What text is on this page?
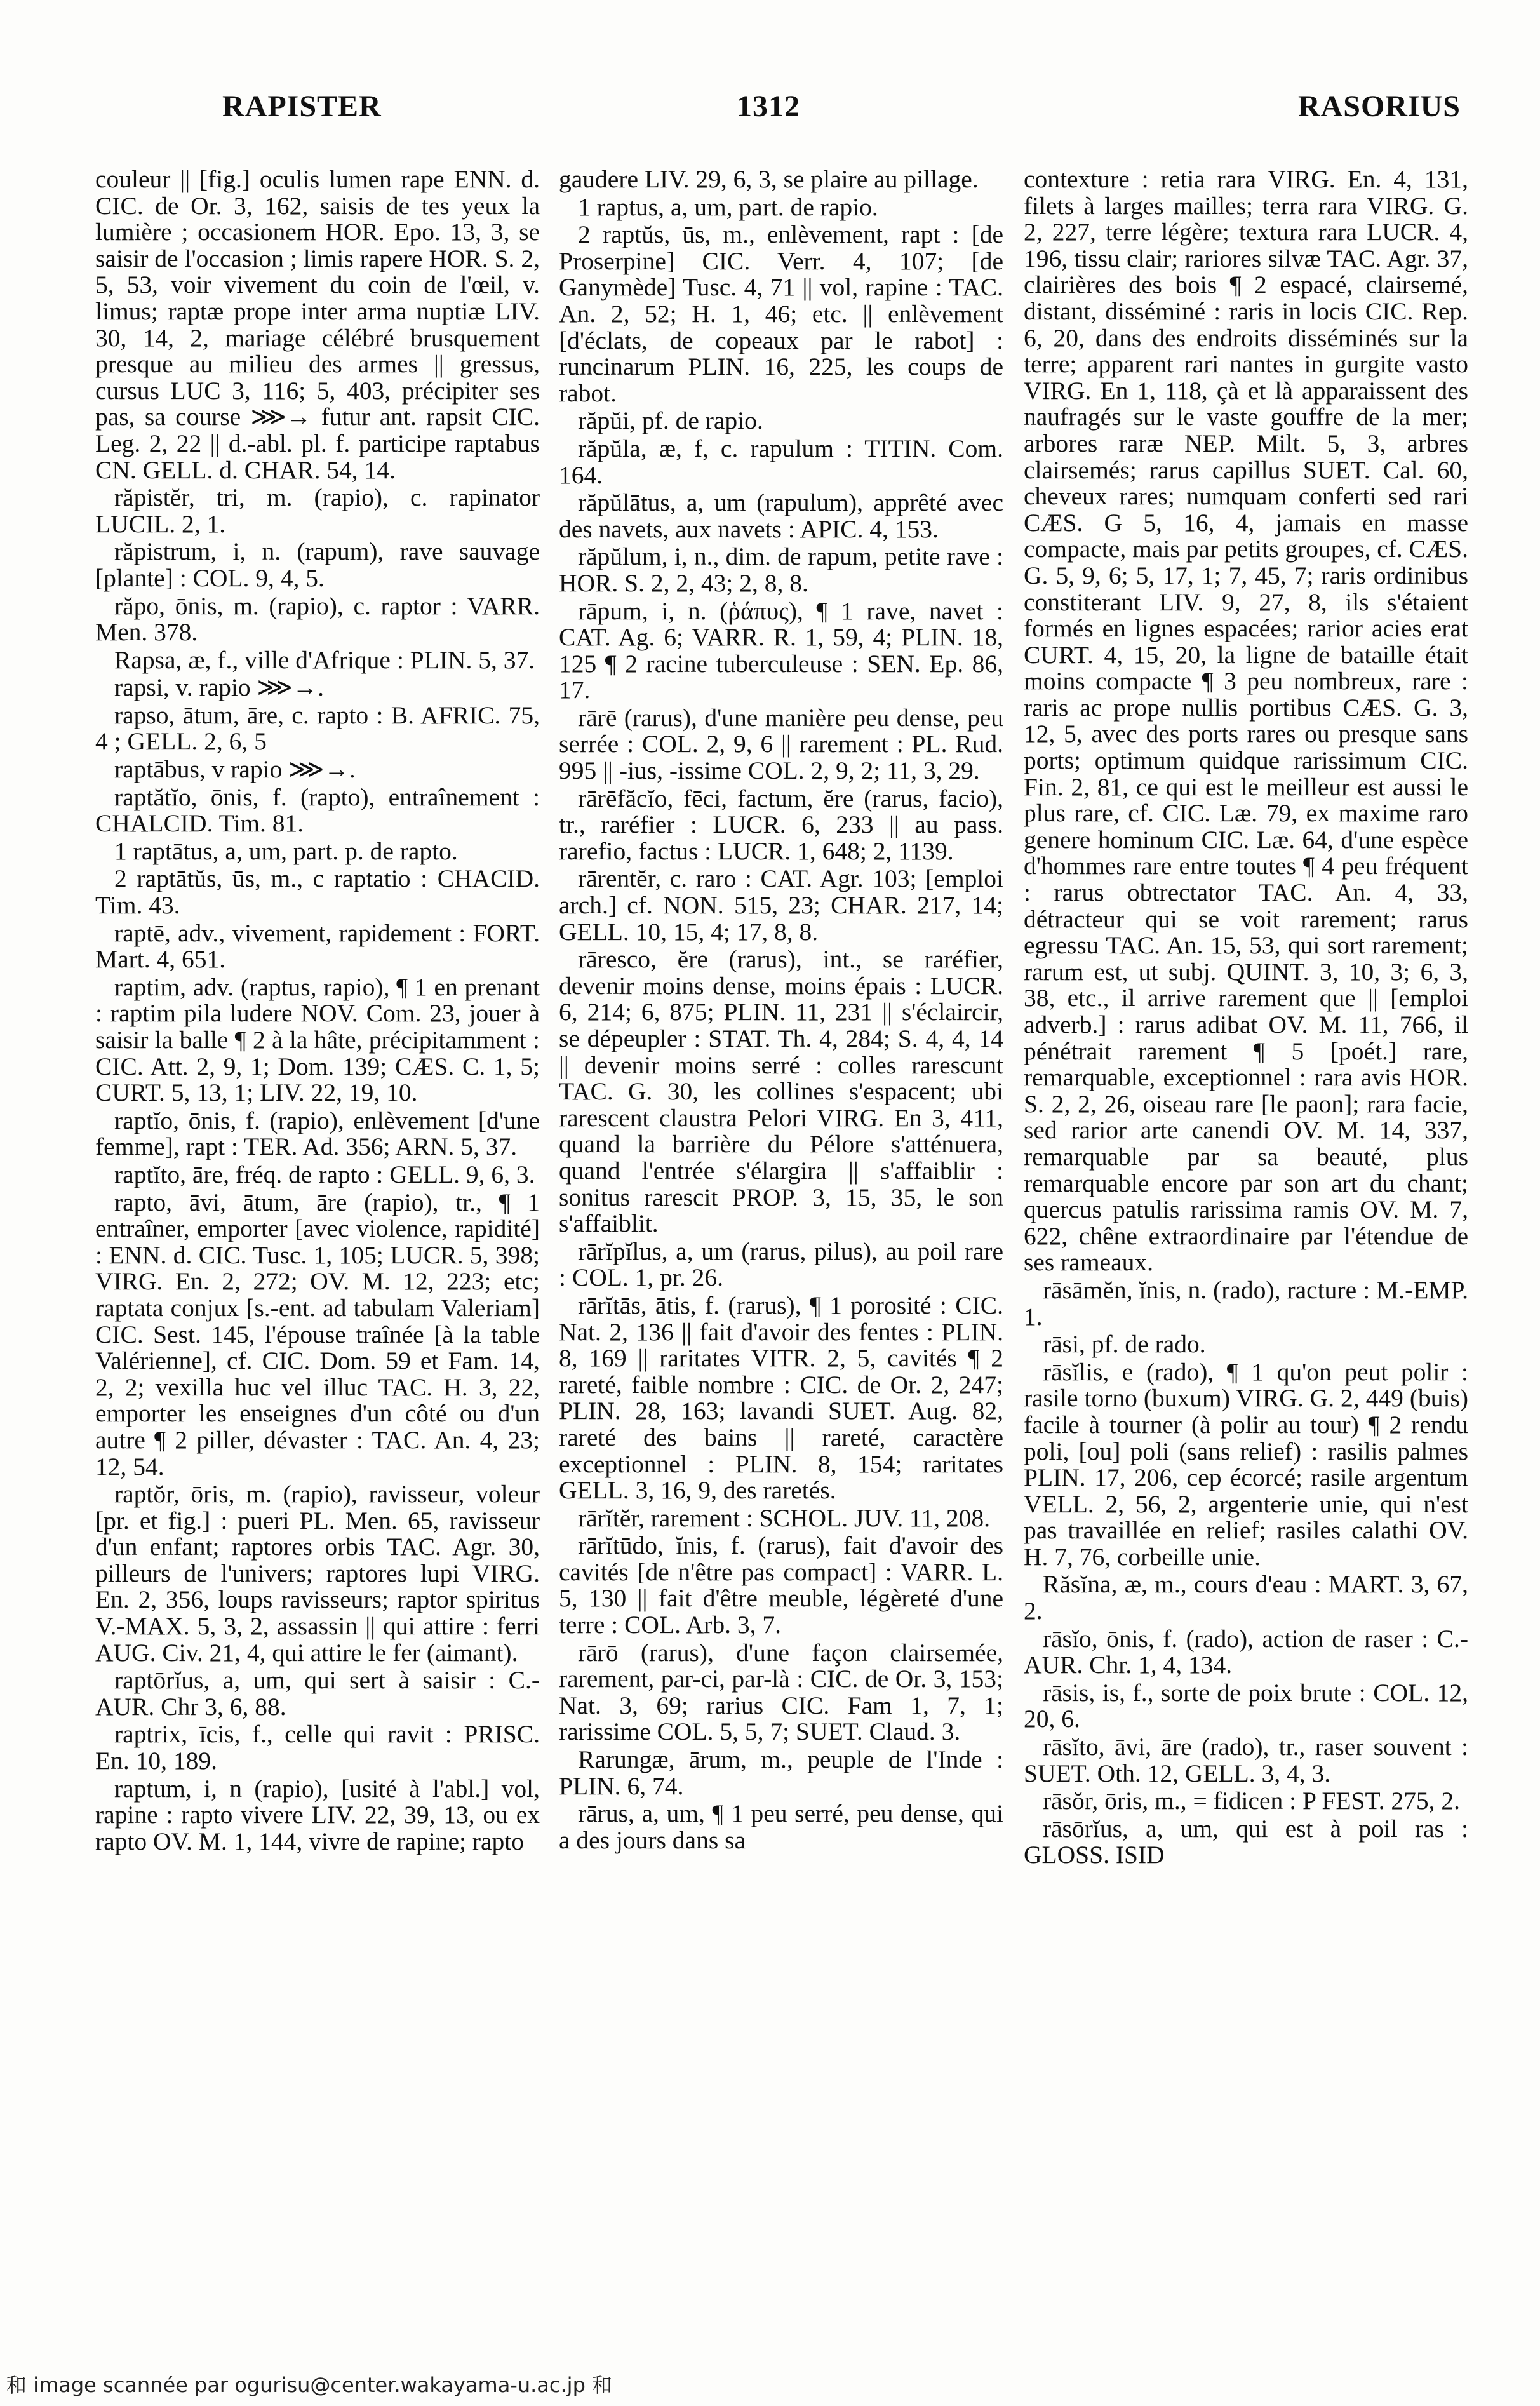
RAPISTER	1312	RASORIUS

couleur || [fig.] oculis lumen rape ENN. d. CIC. de Or. 3, 162, saisis de tes yeux la lumière ; occasionem HOR. Epo. 13, 3, se saisir de l'occasion ; limis rapere HOR. S. 2, 5, 53, voir vivement du coin de l'œil, v. limus; raptæ prope inter arma nuptiæ LIV. 30, 14, 2, mariage célébré brusquement presque au milieu des armes || gressus, cursus LUC 3, 116; 5, 403, précipiter ses pas, sa course ⋙→ futur ant. rapsit CIC. Leg. 2, 22 || d.-abl. pl. f. participe raptabus CN. GELL. d. CHAR. 54, 14.

răpistĕr, tri, m. (rapio), c. rapinator LUCIL. 2, 1.

răpistrum, i, n. (rapum), rave sauvage [plante] : COL. 9, 4, 5.

răpo, ōnis, m. (rapio), c. raptor : VARR. Men. 378.

Rapsa, æ, f., ville d'Afrique : PLIN. 5, 37.

rapsi, v. rapio ⋙→.

rapso, ātum, āre, c. rapto : B. AFRIC. 75, 4 ; GELL. 2, 6, 5

raptābus, v rapio ⋙→.

raptătĭo, ōnis, f. (rapto), entraînement : CHALCID. Tim. 81.

1 raptātus, a, um, part. p. de rapto.

2 raptātŭs, ūs, m., c raptatio : CHACID. Tim. 43.

raptē, adv., vivement, rapidement : FORT. Mart. 4, 651.

raptim, adv. (raptus, rapio), ¶ 1 en prenant : raptim pila ludere NOV. Com. 23, jouer à saisir la balle ¶ 2 à la hâte, précipitamment : CIC. Att. 2, 9, 1; Dom. 139; CÆS. C. 1, 5; CURT. 5, 13, 1; LIV. 22, 19, 10.

raptĭo, ōnis, f. (rapio), enlèvement [d'une femme], rapt : TER. Ad. 356; ARN. 5, 37.

raptĭto, āre, fréq. de rapto : GELL. 9, 6, 3.

rapto, āvi, ātum, āre (rapio), tr., ¶ 1 entraîner, emporter [avec violence, rapidité] : ENN. d. CIC. Tusc. 1, 105; LUCR. 5, 398; VIRG. En. 2, 272; OV. M. 12, 223; etc; raptata conjux [s.-ent. ad tabulam Valeriam] CIC. Sest. 145, l'épouse traînée [à la table Valérienne], cf. CIC. Dom. 59 et Fam. 14, 2, 2; vexilla huc vel illuc TAC. H. 3, 22, emporter les enseignes d'un côté ou d'un autre ¶ 2 piller, dévaster : TAC. An. 4, 23; 12, 54.

raptŏr, ōris, m. (rapio), ravisseur, voleur [pr. et fig.] : pueri PL. Men. 65, ravisseur d'un enfant; raptores orbis TAC. Agr. 30, pilleurs de l'univers; raptores lupi VIRG. En. 2, 356, loups ravisseurs; raptor spiritus V.-MAX. 5, 3, 2, assassin || qui attire : ferri AUG. Civ. 21, 4, qui attire le fer (aimant).

raptōrĭus, a, um, qui sert à saisir : C.-AUR. Chr 3, 6, 88.

raptrix, īcis, f., celle qui ravit : PRISC. En. 10, 189.

raptum, i, n (rapio), [usité à l'abl.] vol, rapine : rapto vivere LIV. 22, 39, 13, ou ex rapto OV. M. 1, 144, vivre de rapine; rapto

gaudere LIV. 29, 6, 3, se plaire au pillage.

1 raptus, a, um, part. de rapio.

2 raptŭs, ūs, m., enlèvement, rapt : [de Proserpine] CIC. Verr. 4, 107; [de Ganymède] Tusc. 4, 71 || vol, rapine : TAC. An. 2, 52; H. 1, 46; etc. || enlèvement [d'éclats, de copeaux par le rabot] : runcinarum PLIN. 16, 225, les coups de rabot.

răpŭi, pf. de rapio.

răpŭla, æ, f, c. rapulum : TITIN. Com. 164.

răpŭlātus, a, um (rapulum), apprêté avec des navets, aux navets : APIC. 4, 153.

răpŭlum, i, n., dim. de rapum, petite rave : HOR. S. 2, 2, 43; 2, 8, 8.

rāpum, i, n. (ῥάπυς), ¶ 1 rave, navet : CAT. Ag. 6; VARR. R. 1, 59, 4; PLIN. 18, 125 ¶ 2 racine tuberculeuse : SEN. Ep. 86, 17.

rārē (rarus), d'une manière peu dense, peu serrée : COL. 2, 9, 6 || rarement : PL. Rud. 995 || -ius, -issime COL. 2, 9, 2; 11, 3, 29.

rārēfăcĭo, fēci, factum, ĕre (rarus, facio), tr., raréfier : LUCR. 6, 233 || au pass. rarefio, factus : LUCR. 1, 648; 2, 1139.

rārentĕr, c. raro : CAT. Agr. 103; [emploi arch.] cf. NON. 515, 23; CHAR. 217, 14; GELL. 10, 15, 4; 17, 8, 8.

rāresco, ĕre (rarus), int., se raréfier, devenir moins dense, moins épais : LUCR. 6, 214; 6, 875; PLIN. 11, 231 || s'éclaircir, se dépeupler : STAT. Th. 4, 284; S. 4, 4, 14 || devenir moins serré : colles rarescunt TAC. G. 30, les collines s'espacent; ubi rarescent claustra Pelori VIRG. En 3, 411, quand la barrière du Pélore s'atténuera, quand l'entrée s'élargira || s'affaiblir : sonitus rarescit PROP. 3, 15, 35, le son s'affaiblit.

rārĭpĭlus, a, um (rarus, pilus), au poil rare : COL. 1, pr. 26.

rārĭtās, ātis, f. (rarus), ¶ 1 porosité : CIC. Nat. 2, 136 || fait d'avoir des fentes : PLIN. 8, 169 || raritates VITR. 2, 5, cavités ¶ 2 rareté, faible nombre : CIC. de Or. 2, 247; PLIN. 28, 163; lavandi SUET. Aug. 82, rareté des bains || rareté, caractère exceptionnel : PLIN. 8, 154; raritates GELL. 3, 16, 9, des raretés.

rārĭtĕr, rarement : SCHOL. JUV. 11, 208.

rārĭtūdo, ĭnis, f. (rarus), fait d'avoir des cavités [de n'être pas compact] : VARR. L. 5, 130 || fait d'être meuble, légèreté d'une terre : COL. Arb. 3, 7.

rārō (rarus), d'une façon clairsemée, rarement, par-ci, par-là : CIC. de Or. 3, 153; Nat. 3, 69; rarius CIC. Fam 1, 7, 1; rarissime COL. 5, 5, 7; SUET. Claud. 3.

Rarungæ, ārum, m., peuple de l'Inde : PLIN. 6, 74.

rārus, a, um, ¶ 1 peu serré, peu dense, qui a des jours dans sa

contexture : retia rara VIRG. En. 4, 131, filets à larges mailles; terra rara VIRG. G. 2, 227, terre légère; textura rara LUCR. 4, 196, tissu clair; rariores silvæ TAC. Agr. 37, clairières des bois ¶ 2 espacé, clairsemé, distant, disséminé : raris in locis CIC. Rep. 6, 20, dans des endroits disséminés sur la terre; apparent rari nantes in gurgite vasto VIRG. En 1, 118, çà et là apparaissent des naufragés sur le vaste gouffre de la mer; arbores raræ NEP. Milt. 5, 3, arbres clairsemés; rarus capillus SUET. Cal. 60, cheveux rares; numquam conferti sed rari CÆS. G 5, 16, 4, jamais en masse compacte, mais par petits groupes, cf. CÆS. G. 5, 9, 6; 5, 17, 1; 7, 45, 7; raris ordinibus constiterant LIV. 9, 27, 8, ils s'étaient formés en lignes espacées; rarior acies erat CURT. 4, 15, 20, la ligne de bataille était moins compacte ¶ 3 peu nombreux, rare : raris ac prope nullis portibus CÆS. G. 3, 12, 5, avec des ports rares ou presque sans ports; optimum quidque rarissimum CIC. Fin. 2, 81, ce qui est le meilleur est aussi le plus rare, cf. CIC. Læ. 79, ex maxime raro genere hominum CIC. Læ. 64, d'une espèce d'hommes rare entre toutes ¶ 4 peu fréquent : rarus obtrectator TAC. An. 4, 33, détracteur qui se voit rarement; rarus egressu TAC. An. 15, 53, qui sort rarement; rarum est, ut subj. QUINT. 3, 10, 3; 6, 3, 38, etc., il arrive rarement que || [emploi adverb.] : rarus adibat OV. M. 11, 766, il pénétrait rarement ¶ 5 [poét.] rare, remarquable, exceptionnel : rara avis HOR. S. 2, 2, 26, oiseau rare [le paon]; rara facie, sed rarior arte canendi OV. M. 14, 337, remarquable par sa beauté, plus remarquable encore par son art du chant; quercus patulis rarissima ramis OV. M. 7, 622, chêne extraordinaire par l'étendue de ses rameaux.

rāsāmĕn, ĭnis, n. (rado), racture : M.-EMP. 1.

rāsi, pf. de rado.

rāsĭlis, e (rado), ¶ 1 qu'on peut polir : rasile torno (buxum) VIRG. G. 2, 449 (buis) facile à tourner (à polir au tour) ¶ 2 rendu poli, [ou] poli (sans relief) : rasilis palmes PLIN. 17, 206, cep écorcé; rasile argentum VELL. 2, 56, 2, argenterie unie, qui n'est pas travaillée en relief; rasiles calathi OV. H. 7, 76, corbeille unie.

Răsĭna, æ, m., cours d'eau : MART. 3, 67, 2.

rāsĭo, ōnis, f. (rado), action de raser : C.-AUR. Chr. 1, 4, 134.

rāsis, is, f., sorte de poix brute : COL. 12, 20, 6.

rāsĭto, āvi, āre (rado), tr., raser souvent : SUET. Oth. 12, GELL. 3, 4, 3.

rāsŏr, ōris, m., = fidicen : P FEST. 275, 2.

rāsōrĭus, a, um, qui est à poil ras : GLOSS. ISID

和 image scannée par ogurisu@center.wakayama-u.ac.jp 和
